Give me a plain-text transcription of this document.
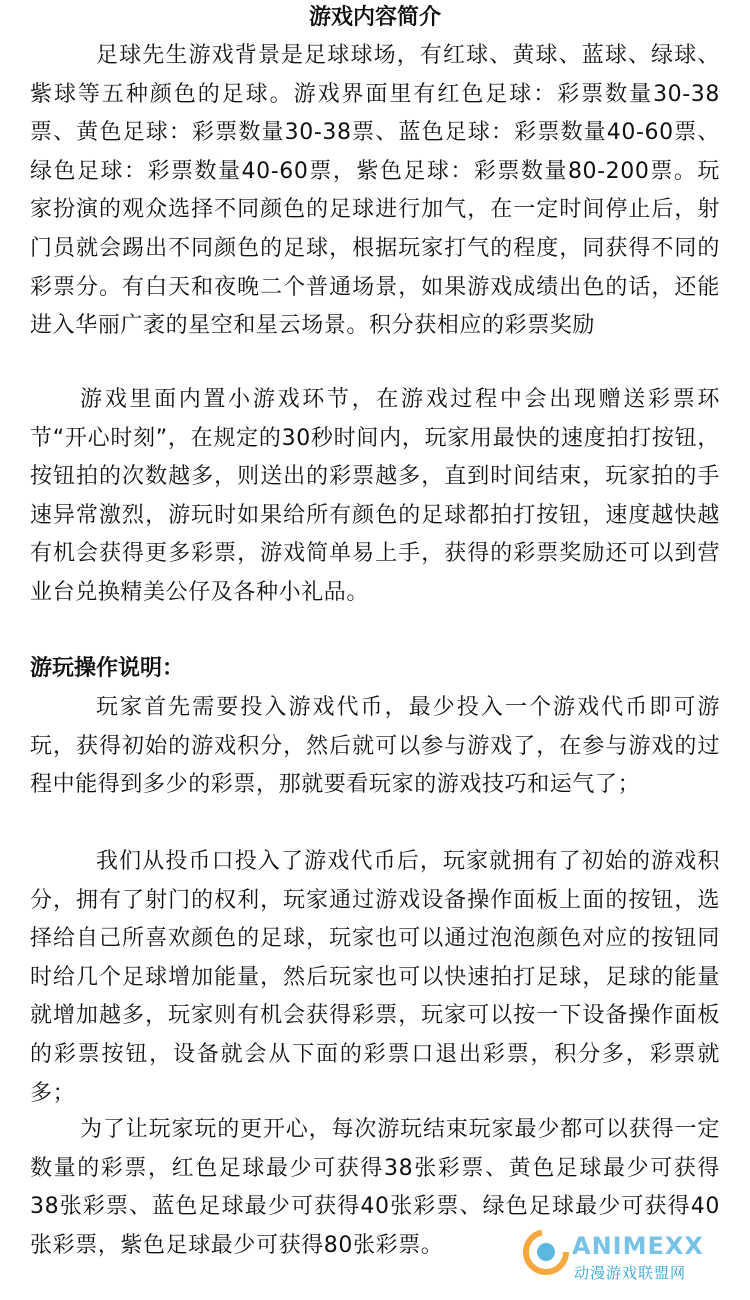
游戏内容简介

足球先生游戏背景是足球球场，有红球、黄球、蓝球、绿球、紫球等五种颜色的足球。游戏界面里有红色足球：彩票数量30-38票、黄色足球：彩票数量30-38票、蓝色足球：彩票数量40-60票、绿色足球：彩票数量40-60票，紫色足球：彩票数量80-200票。玩家扮演的观众选择不同颜色的足球进行加气，在一定时间停止后，射门员就会踢出不同颜色的足球，根据玩家打气的程度，同获得不同的彩票分。有白天和夜晚二个普通场景，如果游戏成绩出色的话，还能进入华丽广袤的星空和星云场景。积分获相应的彩票奖励

游戏里面内置小游戏环节，在游戏过程中会出现赠送彩票环节“开心时刻”，在规定的30秒时间内，玩家用最快的速度拍打按钮，按钮拍的次数越多，则送出的彩票越多，直到时间结束，玩家拍的手速异常激烈，游玩时如果给所有颜色的足球都拍打按钮，速度越快越有机会获得更多彩票，游戏简单易上手，获得的彩票奖励还可以到营业台兑换精美公仔及各种小礼品。

游玩操作说明：

玩家首先需要投入游戏代币，最少投入一个游戏代币即可游玩，获得初始的游戏积分，然后就可以参与游戏了，在参与游戏的过程中能得到多少的彩票，那就要看玩家的游戏技巧和运气了；

我们从投币口投入了游戏代币后，玩家就拥有了初始的游戏积分，拥有了射门的权利，玩家通过游戏设备操作面板上面的按钮，选择给自己所喜欢颜色的足球，玩家也可以通过泡泡颜色对应的按钮同时给几个足球增加能量，然后玩家也可以快速拍打足球，足球的能量就增加越多，玩家则有机会获得彩票，玩家可以按一下设备操作面板的彩票按钮，设备就会从下面的彩票口退出彩票，积分多，彩票就多；

为了让玩家玩的更开心，每次游玩结束玩家最少都可以获得一定数量的彩票，红色足球最少可获得38张彩票、黄色足球最少可获得38张彩票、蓝色足球最少可获得40张彩票、绿色足球最少可获得40张彩票，紫色足球最少可获得80张彩票。	ANIMEXX
动漫游戏联盟网
